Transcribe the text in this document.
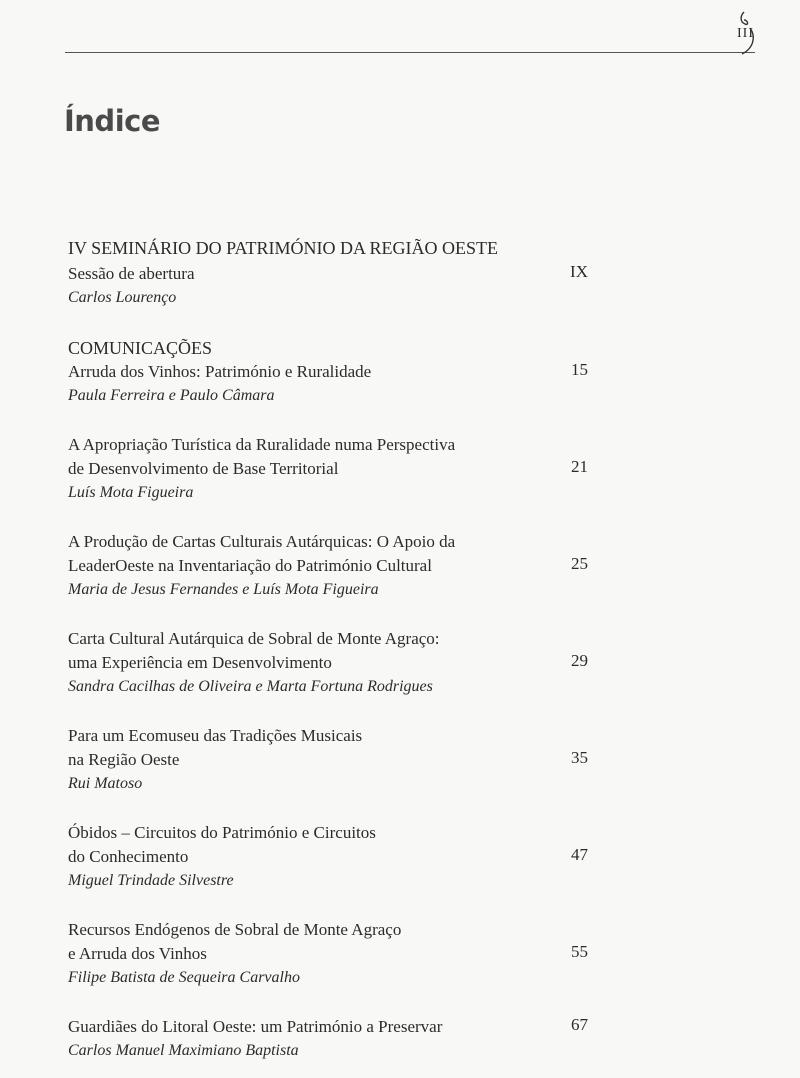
III
Índice
IV SEMINÁRIO DO PATRIMÓNIO DA REGIÃO OESTE
Sessão de abertura
Carlos Lourenço
IX
COMUNICAÇÕES
Arruda dos Vinhos: Património e Ruralidade
Paula Ferreira e Paulo Câmara
15
A Apropriação Turística da Ruralidade numa Perspectiva
de Desenvolvimento de Base Territorial
Luís Mota Figueira
21
A Produção de Cartas Culturais Autárquicas: O Apoio da
LeaderOeste na Inventariação do Património Cultural
Maria de Jesus Fernandes e Luís Mota Figueira
25
Carta Cultural Autárquica de Sobral de Monte Agraço:
uma Experiência em Desenvolvimento
Sandra Cacilhas de Oliveira e Marta Fortuna Rodrigues
29
Para um Ecomuseu das Tradições Musicais
na Região Oeste
Rui Matoso
35
Óbidos – Circuitos do Património e Circuitos
do Conhecimento
Miguel Trindade Silvestre
47
Recursos Endógenos de Sobral de Monte Agraço
e Arruda dos Vinhos
Filipe Batista de Sequeira Carvalho
55
Guardiães do Litoral Oeste: um Património a Preservar
Carlos Manuel Maximiano Baptista
67
